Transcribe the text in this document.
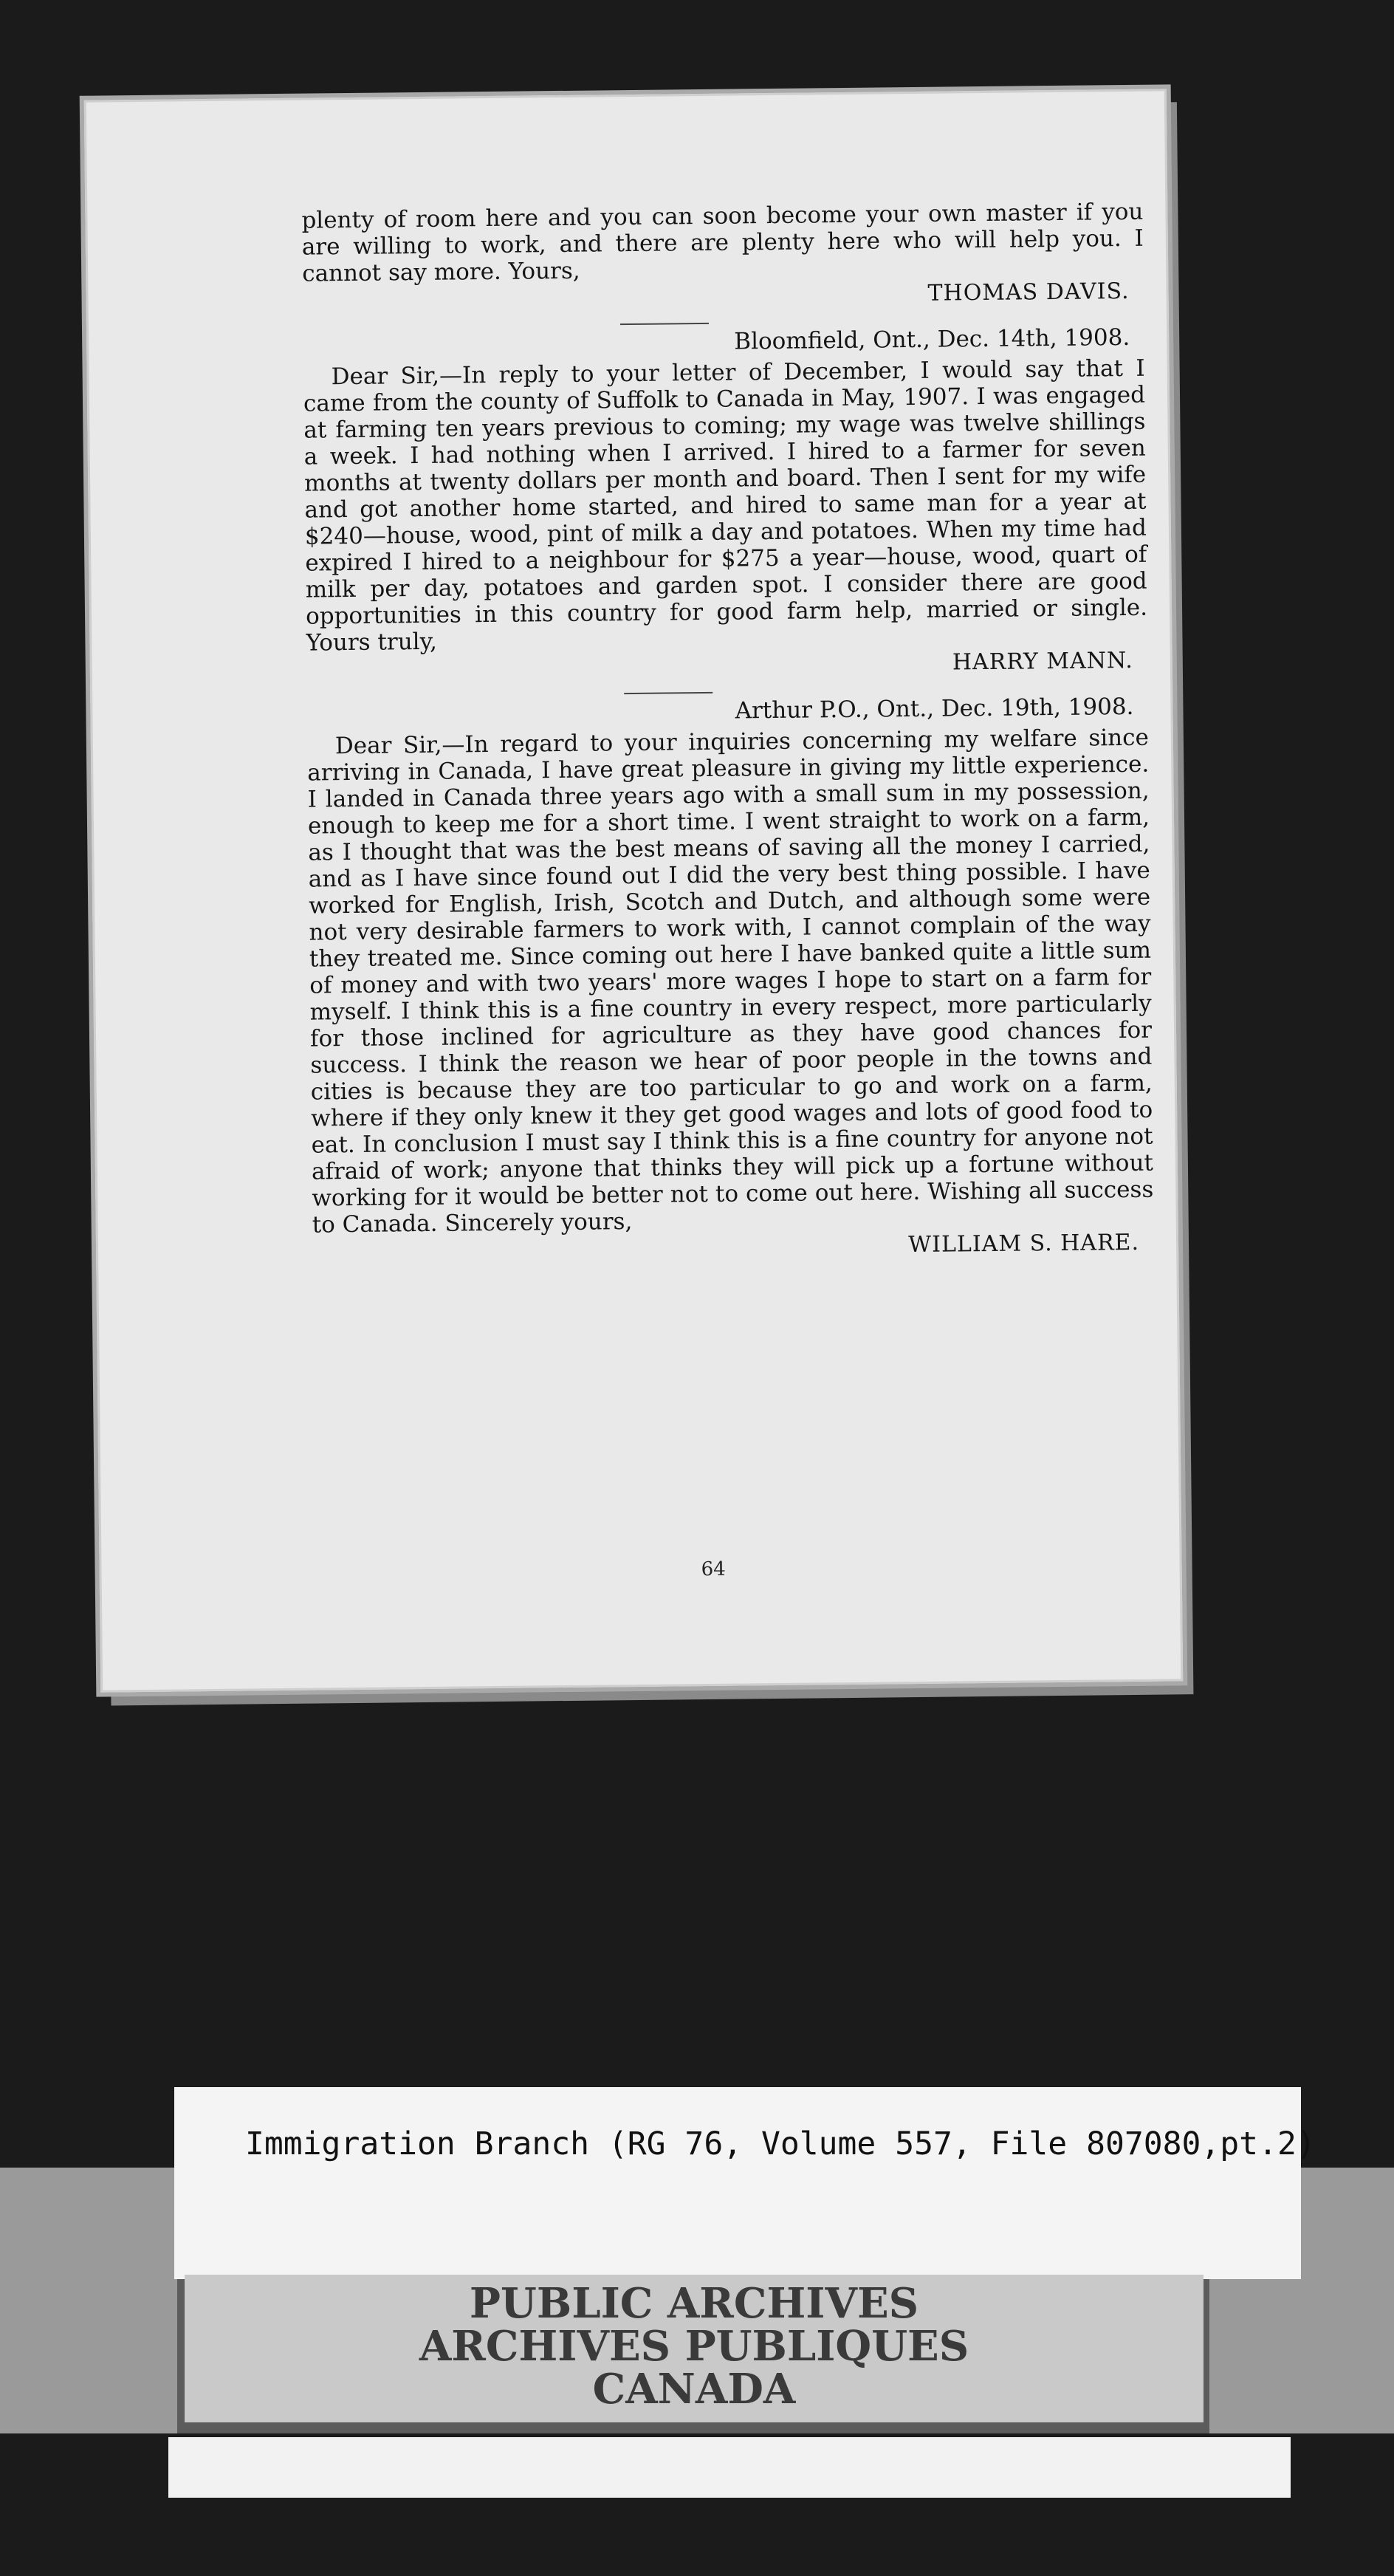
plenty of room here and you can soon become your own master if you are willing to work, and there are plenty here who will help you. I cannot say more. Yours,

THOMAS DAVIS.

Bloomfield, Ont., Dec. 14th, 1908.

Dear Sir,—In reply to your letter of December, I would say that I came from the county of Suffolk to Canada in May, 1907. I was engaged at farming ten years previous to coming; my wage was twelve shillings a week. I had nothing when I arrived. I hired to a farmer for seven months at twenty dollars per month and board. Then I sent for my wife and got another home started, and hired to same man for a year at $240—house, wood, pint of milk a day and potatoes. When my time had expired I hired to a neighbour for $275 a year—house, wood, quart of milk per day, potatoes and garden spot. I consider there are good opportunities in this country for good farm help, married or single. Yours truly,

HARRY MANN.

Arthur P.O., Ont., Dec. 19th, 1908.

Dear Sir,—In regard to your inquiries concerning my welfare since arriving in Canada, I have great pleasure in giving my little experience. I landed in Canada three years ago with a small sum in my possession, enough to keep me for a short time. I went straight to work on a farm, as I thought that was the best means of saving all the money I carried, and as I have since found out I did the very best thing possible. I have worked for English, Irish, Scotch and Dutch, and although some were not very desirable farmers to work with, I cannot complain of the way they treated me. Since coming out here I have banked quite a little sum of money and with two years' more wages I hope to start on a farm for myself. I think this is a fine country in every respect, more particularly for those inclined for agriculture as they have good chances for success. I think the reason we hear of poor people in the towns and cities is because they are too particular to go and work on a farm, where if they only knew it they get good wages and lots of good food to eat. In conclusion I must say I think this is a fine country for anyone not afraid of work; anyone that thinks they will pick up a fortune without working for it would be better not to come out here. Wishing all success to Canada. Sincerely yours,

WILLIAM S. HARE.

64
Immigration Branch (RG 76, Volume 557, File 807080,pt.2)
PUBLIC ARCHIVES
ARCHIVES PUBLIQUES
CANADA
